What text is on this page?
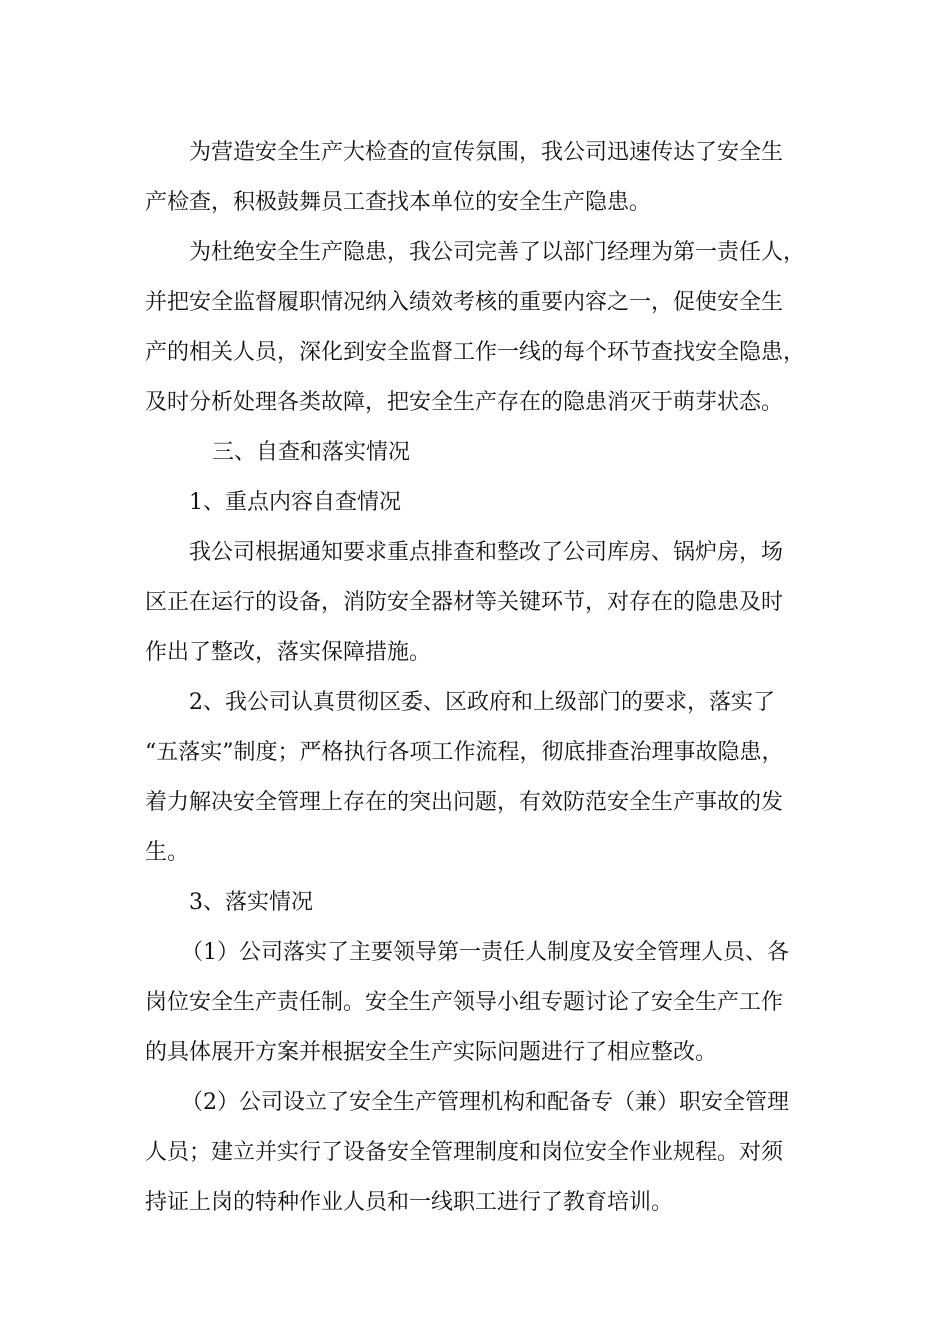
为营造安全生产大检查的宣传氛围，我公司迅速传达了安全生
产检查，积极鼓舞员工查找本单位的安全生产隐患。
为杜绝安全生产隐患，我公司完善了以部门经理为第一责任人，
并把安全监督履职情况纳入绩效考核的重要内容之一，促使安全生
产的相关人员，深化到安全监督工作一线的每个环节查找安全隐患，
及时分析处理各类故障，把安全生产存在的隐患消灭于萌芽状态。
三、自查和落实情况
1、重点内容自查情况
我公司根据通知要求重点排查和整改了公司库房、锅炉房，场
区正在运行的设备，消防安全器材等关键环节，对存在的隐患及时
作出了整改，落实保障措施。
2、我公司认真贯彻区委、区政府和上级部门的要求，落实了
“五落实”制度；严格执行各项工作流程，彻底排查治理事故隐患，
着力解决安全管理上存在的突出问题，有效防范安全生产事故的发
生。
3、落实情况
（1）公司落实了主要领导第一责任人制度及安全管理人员、各
岗位安全生产责任制。安全生产领导小组专题讨论了安全生产工作
的具体展开方案并根据安全生产实际问题进行了相应整改。
（2）公司设立了安全生产管理机构和配备专（兼）职安全管理
人员；建立并实行了设备安全管理制度和岗位安全作业规程。对须
持证上岗的特种作业人员和一线职工进行了教育培训。
